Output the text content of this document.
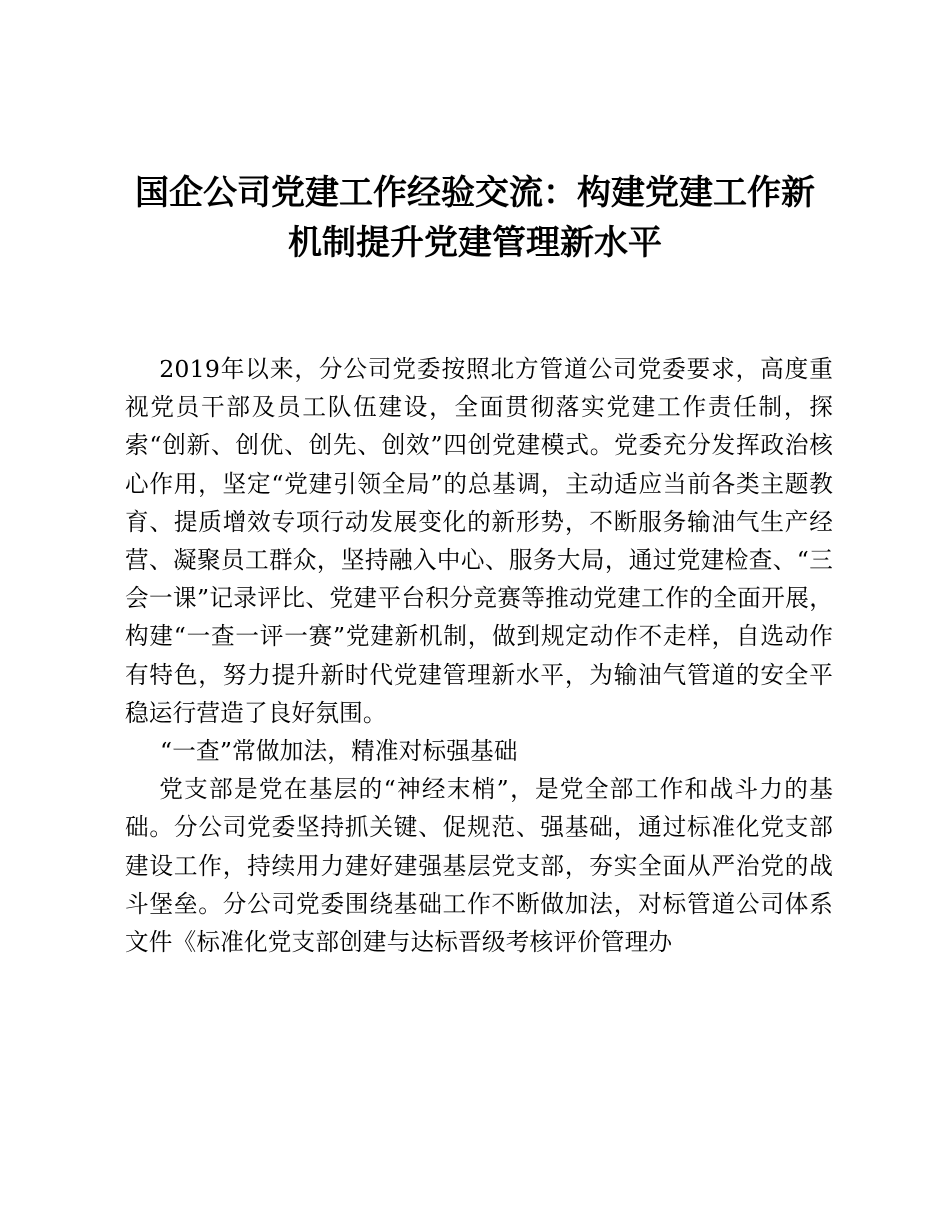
国企公司党建工作经验交流：构建党建工作新
机制提升党建管理新水平

2019年以来，分公司党委按照北方管道公司党委要求，高度重视党员干部及员工队伍建设，全面贯彻落实党建工作责任制，探索“创新、创优、创先、创效”四创党建模式。党委充分发挥政治核心作用，坚定“党建引领全局”的总基调，主动适应当前各类主题教育、提质增效专项行动发展变化的新形势，不断服务输油气生产经营、凝聚员工群众，坚持融入中心、服务大局，通过党建检查、“三会一课”记录评比、党建平台积分竞赛等推动党建工作的全面开展，构建“一查一评一赛”党建新机制，做到规定动作不走样，自选动作有特色，努力提升新时代党建管理新水平，为输油气管道的安全平稳运行营造了良好氛围。

“一查”常做加法，精准对标强基础

党支部是党在基层的“神经末梢”，是党全部工作和战斗力的基础。分公司党委坚持抓关键、促规范、强基础，通过标准化党支部建设工作，持续用力建好建强基层党支部，夯实全面从严治党的战斗堡垒。分公司党委围绕基础工作不断做加法，对标管道公司体系文件《标准化党支部创建与达标晋级考核评价管理办
